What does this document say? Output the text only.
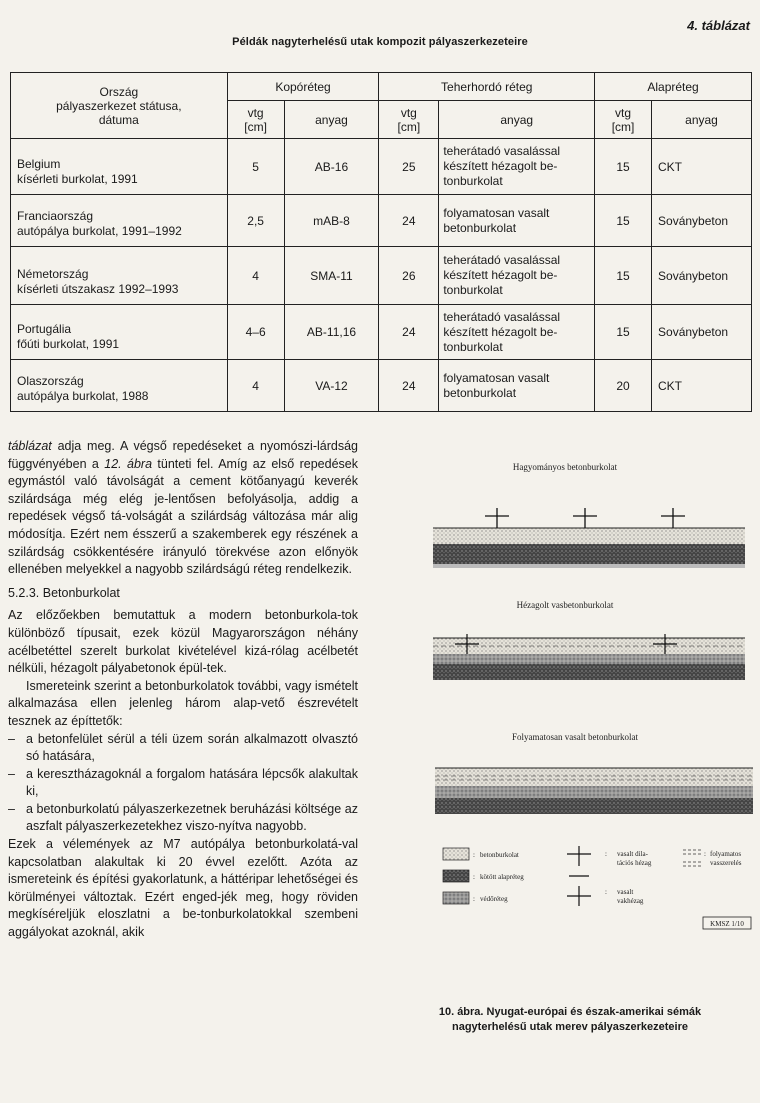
4. táblázat
Példák nagyterhelésű utak kompozit pályaszerkezeteire
Ország
pályaszerkezet státusa,
dátuma	Kopóréteg		Teherhordó réteg		Alapréteg	
	vtg
[cm]	anyag	vtg
[cm]	anyag	vtg
[cm]	anyag
Belgium
kísérleti burkolat, 1991	5	AB-16	25	teherátadó vasalással
készített hézagolt be-
tonburkolat	15	CKT
Franciaország
autópálya burkolat, 1991–1992	2,5	mAB-8	24	folyamatosan vasalt
betonburkolat	15	Soványbeton
Németország
kísérleti útszakasz 1992–1993	4	SMA-11	26	teherátadó vasalással
készített hézagolt be-
tonburkolat	15	Soványbeton
Portugália
főúti burkolat, 1991	4–6	AB-11,16	24	teherátadó vasalással
készített hézagolt be-
tonburkolat	15	Soványbeton
Olaszország
autópálya burkolat, 1988	4	VA-12	24	folyamatosan vasalt
betonburkolat	20	CKT

táblázat adja meg. A végső repedéseket a nyomószi-lárdság függvényében a 12. ábra tünteti fel. Amíg az első repedések egymástól való távolságát a cement kötőanyagú keverék szilárdsága még elég je-lentősen befolyásolja, addig a repedések végső tá-volságát a szilárdság változása már alig módosítja. Ezért nem ésszerű a szakemberek egy részének a szilárdság csökkentésére irányuló törekvése azon előnyök ellenében melyekkel a nagyobb szilárdságú réteg rendelkezik.

5.2.3. Betonburkolat

Az előzőekben bemutattuk a modern betonburkola-tok különböző típusait, ezek közül Magyarországon néhány acélbetéttel szerelt burkolat kivételével kizá-rólag acélbetét nélküli, hézagolt pályabetonok épül-tek.

Ismereteink szerint a betonburkolatok további, vagy ismételt alkalmazása ellen jelenleg három alap-vető észrevételt tesznek az építtetők:

– a betonfelület sérül a téli üzem során alkalmazott olvasztó só hatására,
– a keresztházagoknál a forgalom hatására lépcsők alakultak ki,
– a betonburkolatú pályaszerkezetnek beruházási költsége az aszfalt pályaszerkezetekhez viszo-nyítva nagyobb.

Ezek a vélemények az M7 autópálya betonburkolatá-val kapcsolatban alakultak ki 20 évvel ezelőtt. Azóta az ismereteink és építési gyakorlatunk, a háttéripar lehetőségei és körülményei változtak. Ezért enged-jék meg, hogy röviden megkíséreljük eloszlatni a be-tonburkolatokkal szembeni aggályokat azoknál, akik

Hagyományos betonburkolat
Hézagolt vasbetonburkolat
Folyamatosan vasalt betonburkolat
: betonburkolat
: kötött alapréteg
: védőréteg
: vasalt dila-
tációs hézag
: vasalt
vakhézag
: folyamatos
vasszerelés
KMSZ 1/10
10. ábra. Nyugat-európai és észak-amerikai sémák
nagyterhelésű utak merev pályaszerkezeteire
